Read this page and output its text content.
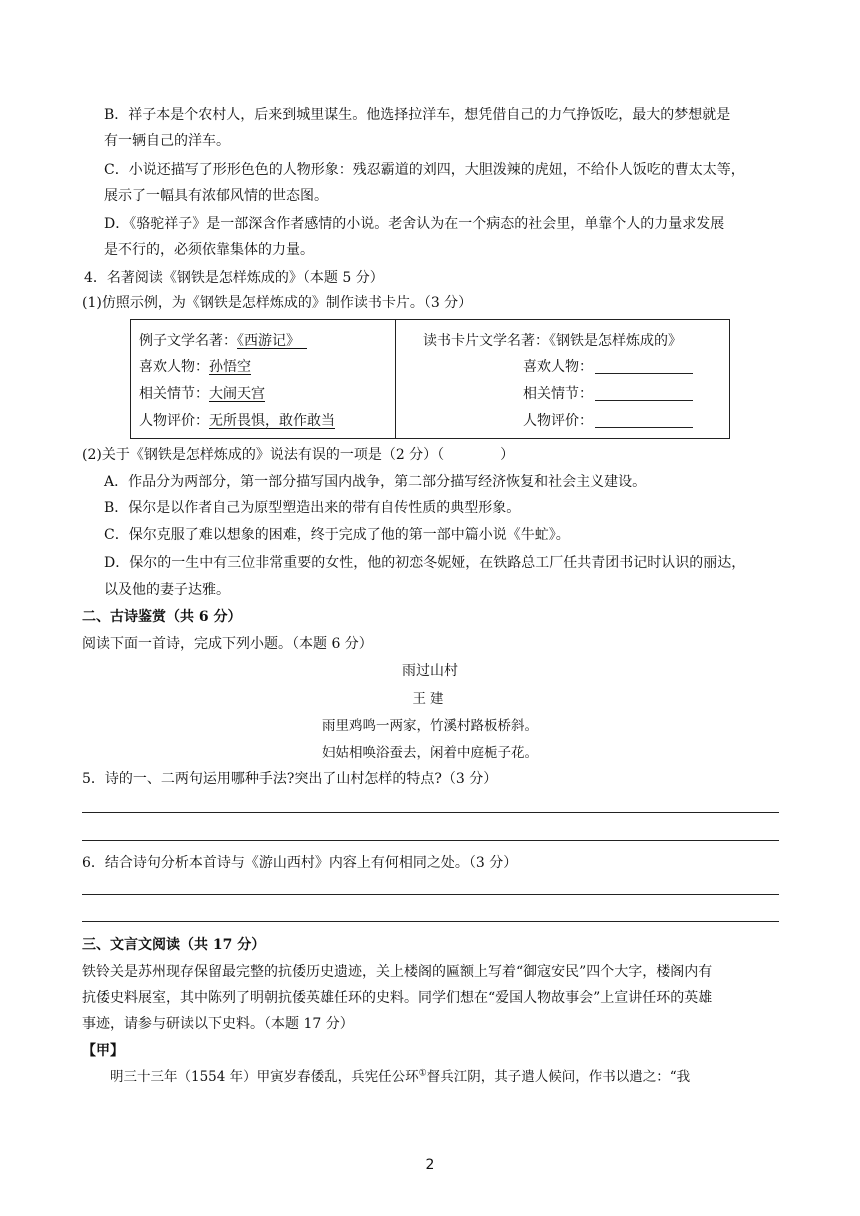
B．祥子本是个农村人，后来到城里谋生。他选择拉洋车，想凭借自己的力气挣饭吃，最大的梦想就是
有一辆自己的洋车。
C．小说还描写了形形色色的人物形象：残忍霸道的刘四，大胆泼辣的虎妞，不给仆人饭吃的曹太太等，
展示了一幅具有浓郁风情的世态图。
D．《骆驼祥子》是一部深含作者感情的小说。老舍认为在一个病态的社会里，单靠个人的力量求发展
是不行的，必须依靠集体的力量。
4．名著阅读《钢铁是怎样炼成的》（本题 5 分）
(1)仿照示例，为《钢铁是怎样炼成的》制作读书卡片。（3 分）
例子文学名著：《西游记》　
喜欢人物：孙悟空
相关情节：大闹天宫
人物评价：无所畏惧，敢作敢当
读书卡片文学名著：《钢铁是怎样炼成的》
喜欢人物：
相关情节：
人物评价：
(2)关于《钢铁是怎样炼成的》说法有误的一项是（2 分）（　　　　）
A．作品分为两部分，第一部分描写国内战争，第二部分描写经济恢复和社会主义建设。
B．保尔是以作者自己为原型塑造出来的带有自传性质的典型形象。
C．保尔克服了难以想象的困难，终于完成了他的第一部中篇小说《牛虻》。
D．保尔的一生中有三位非常重要的女性，他的初恋冬妮娅，在铁路总工厂任共青团书记时认识的丽达，
以及他的妻子达雅。
二、古诗鉴赏（共 6 分）
阅读下面一首诗，完成下列小题。（本题 6 分）
雨过山村
王建
雨里鸡鸣一两家，竹溪村路板桥斜。
妇姑相唤浴蚕去，闲着中庭栀子花。
5．诗的一、二两句运用哪种手法?突出了山村怎样的特点?（3 分）
6．结合诗句分析本首诗与《游山西村》内容上有何相同之处。（3 分）
三、文言文阅读（共 17 分）
铁铃关是苏州现存保留最完整的抗倭历史遗迹，关上楼阁的匾额上写着“御寇安民”四个大字，楼阁内有
抗倭史料展室，其中陈列了明朝抗倭英雄任环的史料。同学们想在“爱国人物故事会”上宣讲任环的英雄
事迹，请参与研读以下史料。（本题 17 分）
【甲】
明三十三年（1554 年）甲寅岁春倭乱，兵宪任公环①督兵江阴，其子遣人候问，作书以遣之：“我
2
